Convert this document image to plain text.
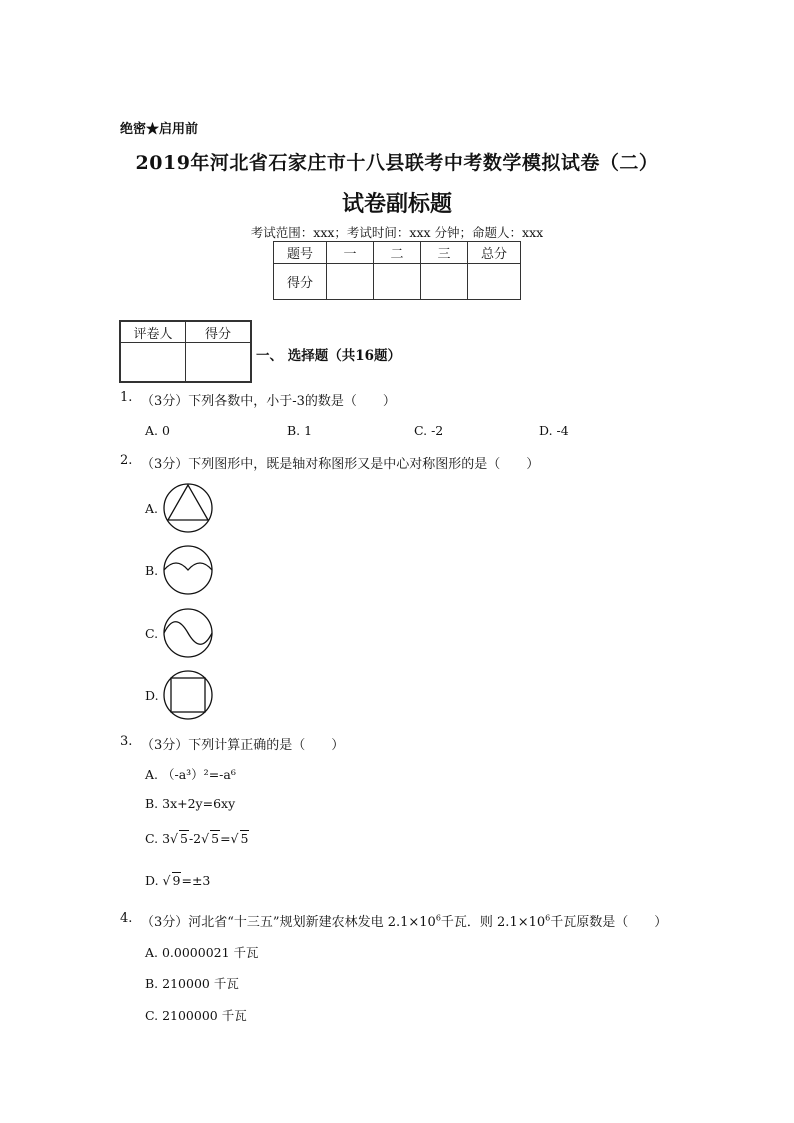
绝密★启用前
2019年河北省石家庄市十八县联考中考数学模拟试卷（二）
试卷副标题
考试范围：xxx；考试时间：xxx 分钟；命题人：xxx
题号	一	二	三	总分
得分				
评卷人	得分

一、 选择题（共16题）
1. （3分）下列各数中，小于-3的数是（　　）
A. 0	B. 1	C. -2	D. -4
2. （3分）下列图形中，既是轴对称图形又是中心对称图形的是（　　）
A.
B.
C.
D.
3. （3分）下列计算正确的是（　　）
A. （-a³）²=-a⁶
B. 3x+2y=6xy
C. 3√ 5-2√ 5=√ 5
D. √ 9=±3
4. （3分）河北省“十三五”规划新建农林发电 $2.1\times 10^6$千瓦．则 $2.1\times 10^6$千瓦原数是（　　）
A. 0.0000021 千瓦
B. 210000 千瓦
C. 2100000 千瓦
